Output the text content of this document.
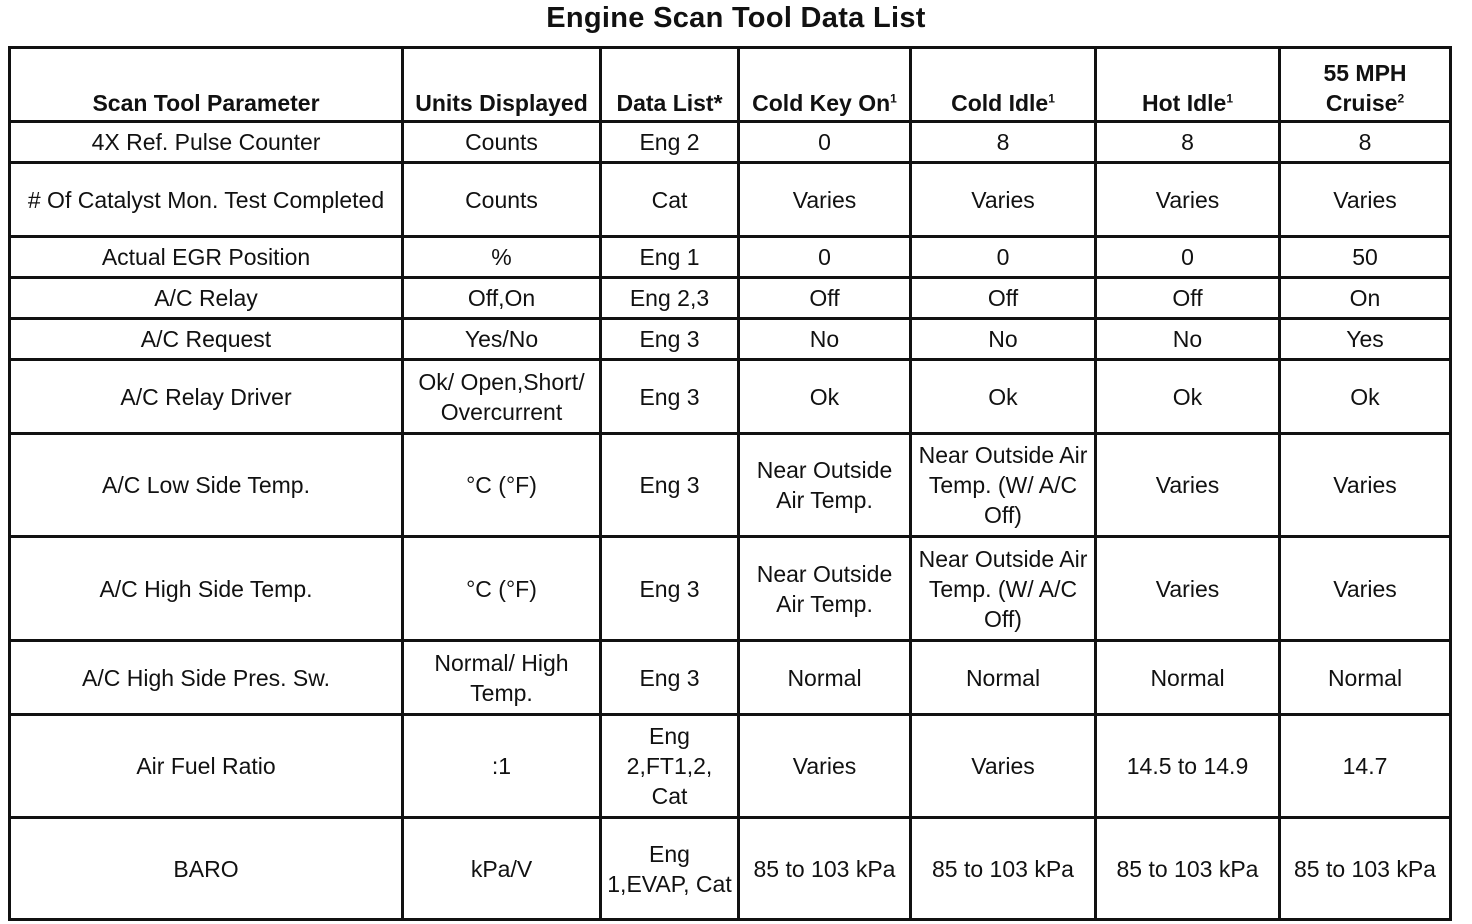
Engine Scan Tool Data List
Scan Tool Parameter	Units Displayed	Data List*	Cold Key On$^1$	Cold Idle$^1$	Hot Idle$^1$	55 MPH Cruise$^2$
4X Ref. Pulse Counter	Counts	Eng 2	0	8	8	8
# Of Catalyst Mon. Test Completed	Counts	Cat	Varies	Varies	Varies	Varies
Actual EGR Position	%	Eng 1	0	0	0	50
A/C Relay	Off,On	Eng 2,3	Off	Off	Off	On
A/C Request	Yes/No	Eng 3	No	No	No	Yes
A/C Relay Driver	Ok/ Open,Short/ Overcurrent	Eng 3	Ok	Ok	Ok	Ok
A/C Low Side Temp.	°C (°F)	Eng 3	Near Outside Air Temp.	Near Outside Air Temp. (W/ A/C Off)	Varies	Varies
A/C High Side Temp.	°C (°F)	Eng 3	Near Outside Air Temp.	Near Outside Air Temp. (W/ A/C Off)	Varies	Varies
A/C High Side Pres. Sw.	Normal/ High Temp.	Eng 3	Normal	Normal	Normal	Normal
Air Fuel Ratio	:1	Eng 2,FT1,2, Cat	Varies	Varies	14.5 to 14.9	14.7
BARO	kPa/V	Eng 1,EVAP, Cat	85 to 103 kPa	85 to 103 kPa	85 to 103 kPa	85 to 103 kPa
